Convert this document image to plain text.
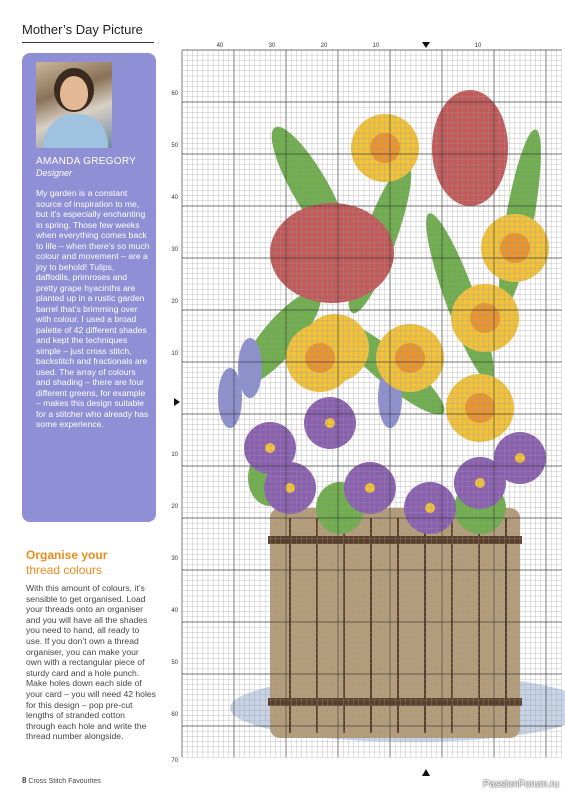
Mother’s Day Picture
AMANDA GREGORY
Designer
My garden is a constant source of inspiration to me, but it’s especially enchanting in spring. Those few weeks when everything comes back to life – when there’s so much colour and movement – are a joy to behold! Tulips, daffodils, primroses and pretty grape hyacinths are planted up in a rustic garden barrel that’s brimming over with colour. I used a broad palette of 42 different shades and kept the techniques simple – just cross stitch, backstitch and fractionals are used. The array of colours and shading – there are four different greens, for example – makes this design suitable for a stitcher who already has some experience.
Organise your
thread colours
With this amount of colours, it’s sensible to get organised. Load your threads onto an organiser and you will have all the shades you need to hand, all ready to use. If you don’t own a thread organiser, you can make your own with a rectangular piece of sturdy card and a hole punch. Make holes down each side of your card – you will need 42 holes for this design – pop pre-cut lengths of stranded cotton through each hole and write the thread number alongside.
40	30	20	10	10
60
50
40
30
20
10
10
20
30
40
50
60
70
8 Cross Stitch Favourites	PassionForum.ru
